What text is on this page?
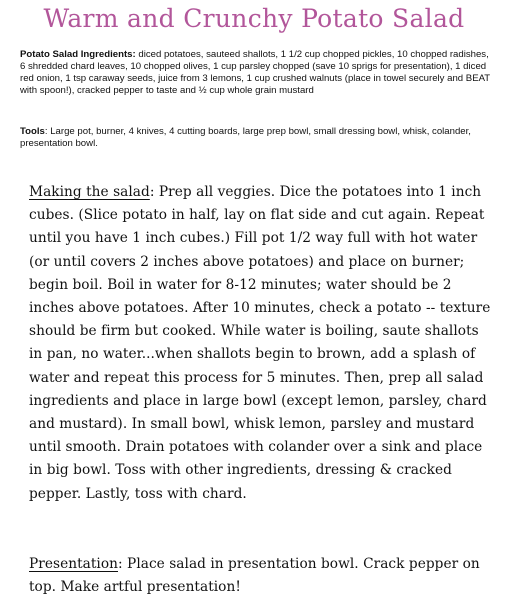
Warm and Crunchy Potato Salad
Potato Salad Ingredients: diced potatoes, sauteed shallots, 1 1/2 cup chopped pickles, 10 chopped radishes, 6 shredded chard leaves, 10 chopped olives, 1 cup parsley chopped (save 10 sprigs for presentation), 1 diced red onion, 1 tsp caraway seeds, juice from 3 lemons, 1 cup crushed walnuts (place in towel securely and BEAT with spoon!), cracked pepper to taste and ½ cup whole grain mustard
Tools: Large pot, burner, 4 knives, 4 cutting boards, large prep bowl, small dressing bowl, whisk, colander, presentation bowl.
Making the salad: Prep all veggies. Dice the potatoes into 1 inch cubes. (Slice potato in half, lay on flat side and cut again. Repeat until you have 1 inch cubes.) Fill pot 1/2 way full with hot water (or until covers 2 inches above potatoes) and place on burner; begin boil. Boil in water for 8-12 minutes; water should be 2 inches above potatoes. After 10 minutes, check a potato -- texture should be firm but cooked. While water is boiling, saute shallots in pan, no water...when shallots begin to brown, add a splash of water and repeat this process for 5 minutes. Then, prep all salad ingredients and place in large bowl (except lemon, parsley, chard and mustard). In small bowl, whisk lemon, parsley and mustard until smooth. Drain potatoes with colander over a sink and place in big bowl. Toss with other ingredients, dressing & cracked pepper. Lastly, toss with chard.
Presentation: Place salad in presentation bowl. Crack pepper on top. Make artful presentation!
